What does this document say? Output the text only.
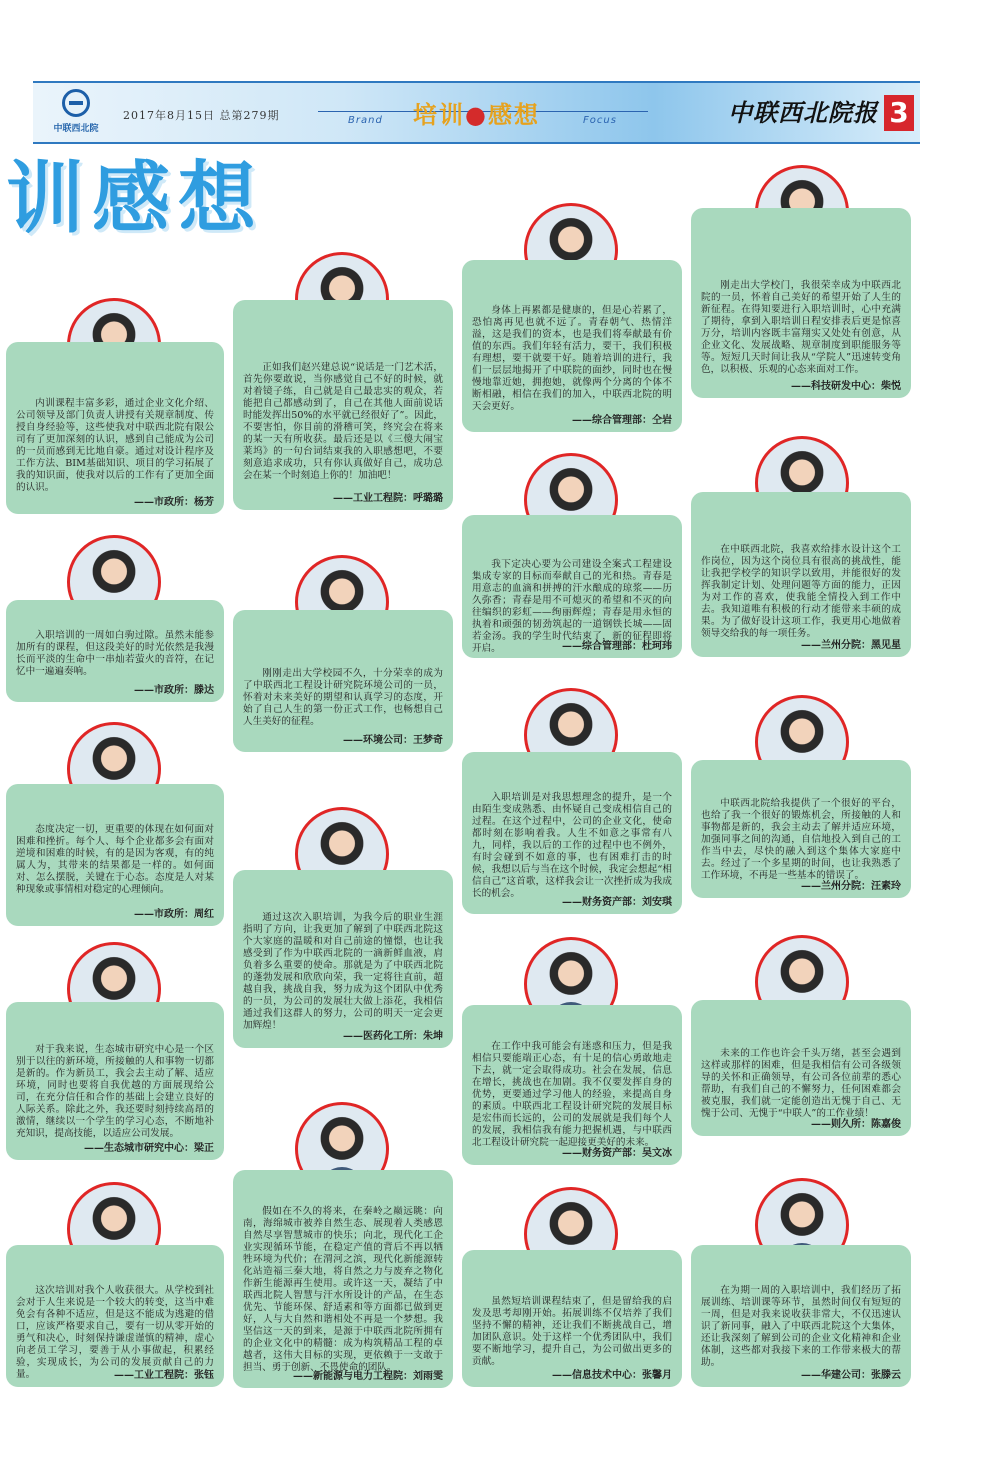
中联西北院
2017年8月15日 总第279期	Brand	Focus
培训●感想	中联西北院报 3
训感想
内训课程丰富多彩，通过企业文化介绍、公司领导及部门负责人讲授有关规章制度、传授自身经验等，这些使我对中联西北院有限公司有了更加深刻的认识，感到自己能成为公司的一员而感到无比地自豪。通过对设计程序及工作方法、BIM基础知识、项目的学习拓展了我的知识面，使我对以后的工作有了更加全面的认识。
——市政所：杨芳
入职培训的一周如白驹过隙。虽然未能参加所有的课程，但这段美好的时光依然是我漫长而平淡的生命中一串灿若萤火的音符，在记忆中一遍遍奏响。
——市政所：滕达
态度决定一切，更重要的体现在如何面对困难和挫折。每个人、每个企业都多会有面对逆境和困难的时候，有的是因为客观，有的纯属人为，其带来的结果都是一样的。如何面对、怎么摆脱，关键在于心态。态度是人对某种现象或事情相对稳定的心理倾向。
——市政所：周红
对于我来说，生态城市研究中心是一个区别于以往的新环境，所接触的人和事物一切都是新的。作为新员工，我会去主动了解、适应环境，同时也要将自我优越的方面展现给公司，在充分信任和合作的基础上会建立良好的人际关系。除此之外，我还要时刻持续高昂的激情，继续以一个学生的学习心态，不断地补充知识，提高技能，以适应公司发展。
——生态城市研究中心：梁正
这次培训对我个人收获很大。从学校到社会对于人生来说是一个较大的转变，这当中难免会有各种不适应，但是这不能成为逃避的借口，应该严格要求自己，要有一切从零开始的勇气和决心，时刻保持谦虚谨慎的精神，虚心向老员工学习，要善于从小事做起，积累经验，实现成长，为公司的发展贡献自己的力量。	——工业工程院：张钰
正如我们赵兴建总说“说话是一门艺术活，首先你要敢说，当你感觉自己不好的时候，就对着镜子练，自己就是自己最忠实的观众，若能把自己都感动到了，自己在其他人面前说话时能发挥出50%的水平就已经很好了”。因此，不要害怕，你目前的滑稽可笑，终究会在将来的某一天有所收获。最后还是以《三傻大闹宝莱坞》的一句台词结束我的入职感想吧，不要刻意追求成功，只有你认真做好自己，成功总会在某一个时刻追上你的！加油吧！
——工业工程院：呼璐璐
刚刚走出大学校园不久，十分荣幸的成为了中联西北工程设计研究院环境公司的一员，怀着对未来美好的期望和认真学习的态度，开始了自己人生的第一份正式工作，也畅想自己人生美好的征程。
——环境公司：王梦奇
通过这次入职培训，为我今后的职业生涯指明了方向，让我更加了解到了中联西北院这个大家庭的温暖和对自己前途的憧憬，也让我感受到了作为中联西北院的一滴新鲜血液，肩负着多么重要的使命。那就是为了中联西北院的蓬勃发展和欣欣向荣，我一定将往直前，超越自我，挑战自我，努力成为这个团队中优秀的一员，为公司的发展壮大做上添花，我相信通过我们这群人的努力，公司的明天一定会更加辉煌！
——医药化工所：朱坤
假如在不久的将来，在秦岭之巅远眺：向南，海绵城市被养自然生态、展现着人类感恩自然尽享智慧城市的快乐；向北，现代化工企业实现循环节能，在稳定产值的背后不再以牺牲环境为代价；在渭河之滨，现代化新能源转化站造福三秦大地，将自然之力与废弃之物化作新生能源再生使用。或许这一天，凝结了中联西北院人智慧与汗水所设计的产品，在生态优先、节能环保、舒适素和等方面都已做到更好，人与大自然和谐相处不再是一个梦想。我坚信这一天的到来，是源于中联西北院所拥有的企业文化中的精髓：成为构筑精品工程的卓越者，这伟大目标的实现，更依赖于一支敢于担当、勇于创新、不畏使命的团队。
——新能源与电力工程院：刘雨雯
身体上再累都是健康的，但是心若累了，恐怕离再见也就不远了。青春朝气、热情洋溢，这是我们的资本，也是我们将奉献最有价值的东西。我们年轻有活力，要干，我们积极有理想，要干就要干好。随着培训的进行，我们一层层地揭开了中联院的面纱，同时也在慢慢地靠近她，拥抱她，就像两个分离的个体不断相融，相信在我们的加入，中联西北院的明天会更好。
——综合管理部：仝岩
我下定决心要为公司建设全案式工程建设集成专家的目标而奉献自己的光和热。青春是用意志的血滴和拼搏的汗水酿成的琼浆——历久弥香；青春是用不可熄灭的希望和不灭的向往编织的彩虹——绚丽辉煌；青春是用永恒的执着和顽强的韧劲筑起的一道钢铁长城——固若金汤。我的学生时代结束了，新的征程即将开启。	——综合管理部：杜珂玮
入职培训是对我思想理念的提升，是一个由陌生变成熟悉、由怀疑自己变成相信自己的过程。在这个过程中，公司的企业文化，使命都时刻在影响着我。人生不如意之事常有八九，同样，我以后的工作的过程中也不例外，有时会碰到不如意的事，也有困难打击的时候，我想以后与当在这个时候，我定会想起“相信自己”这首歌，这样我会让一次挫折成为我成长的机会。
——财务资产部：刘安琪
在工作中我可能会有迷惑和压力，但是我相信只要能端正心态，有十足的信心勇敢地走下去，就一定会取得成功。社会在发展，信息在增长，挑战也在加剧。我不仅要发挥自身的优势，更要通过学习他人的经验，来提高自身的素质。中联西北工程设计研究院的发展目标是宏伟而长远的，公司的发展就是我们每个人的发展，我相信我有能力把握机遇，与中联西北工程设计研究院一起迎接更美好的未来。
——财务资产部：吴文冰
虽然短培训课程结束了，但是留给我的启发及思考却刚开始。拓展训练不仅培养了我们坚持不懈的精神，还让我们不断挑战自己，增加团队意识。处于这样一个优秀团队中，我们要不断地学习，提升自己，为公司做出更多的贡献。
——信息技术中心：张馨月
刚走出大学校门，我很荣幸成为中联西北院的一员，怀着自己美好的希望开始了人生的新征程。在得知要进行入职培训时，心中充满了期待，拿到入职培训日程安排表后更是惊喜万分，培训内容既丰富翔实又处处有创意，从企业文化、发展战略、规章制度到职能服务等等。短短几天时间让我从“学院人”迅速转变角色，以积极、乐观的心态来面对工作。
——科技研发中心：柴悦
在中联西北院，我喜欢给排水设计这个工作岗位，因为这个岗位具有很高的挑战性，能让我把学校学的知识学以致用，并能很好的发挥我制定计划、处理问题等方面的能力，正因为对工作的喜欢，使我能全情投入到工作中去。我知道唯有积极的行动才能带来丰硕的成果。为了做好设计这项工作，我更用心地做着领导交给我的每一项任务。
——兰州分院：黑见星
中联西北院给我提供了一个很好的平台，也给了我一个很好的锻炼机会，所接触的人和事物都是新的，我会主动去了解并适应环境，加强同事之间的沟通，自信地投入到自己的工作当中去，尽快的融入到这个集体大家庭中去。经过了一个多星期的时间，也让我熟悉了工作环境，不再是一些基本的错误了。
——兰州分院：汪素玲
未来的工作也许会千头万绪，甚至会遇到这样或那样的困难，但是我相信有公司各级领导的关怀和正确领导，有公司各位前辈的悉心帮助，有我们自己的不懈努力，任何困难都会被克服，我们就一定能创造出无愧于自己、无愧于公司、无愧于“中联人”的工作业绩！
——则久所：陈嘉俊
在为期一周的入职培训中，我们经历了拓展训练、培训课等环节，虽然时间仅有短短的一周，但是对我来说收获非常大，不仅迅速认识了新同事，融入了中联西北院这个大集体，还让我深刻了解到公司的企业文化精神和企业体制，这些都对我接下来的工作带来极大的帮助。
——华建公司：张滕云
